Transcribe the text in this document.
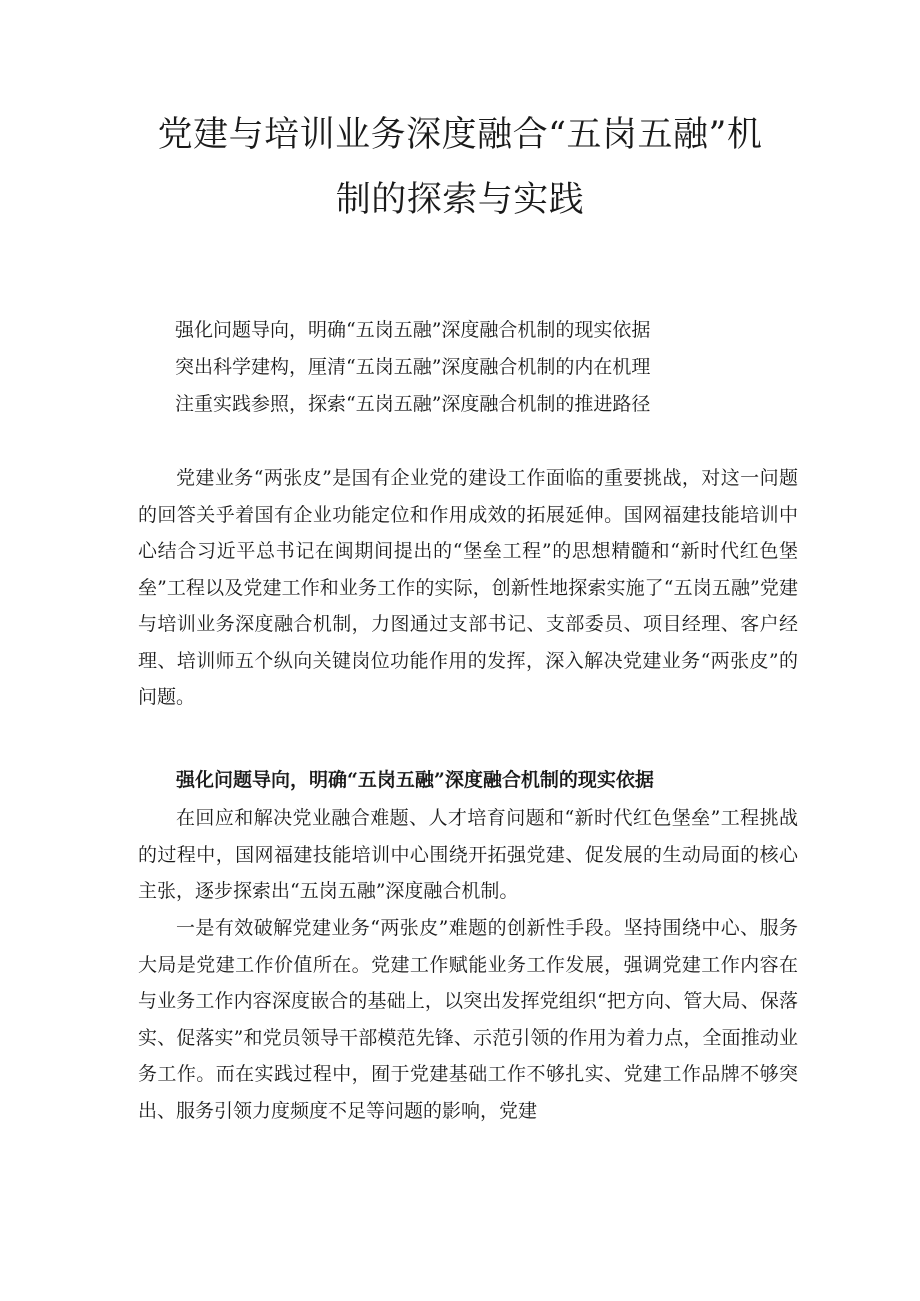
党建与培训业务深度融合“五岗五融”机
制的探索与实践
强化问题导向，明确“五岗五融”深度融合机制的现实依据
突出科学建构，厘清“五岗五融”深度融合机制的内在机理
注重实践参照，探索“五岗五融”深度融合机制的推进路径

党建业务“两张皮”是国有企业党的建设工作面临的重要挑战，对这一问题的回答关乎着国有企业功能定位和作用成效的拓展延伸。国网福建技能培训中心结合习近平总书记在闽期间提出的“堡垒工程”的思想精髓和“新时代红色堡垒”工程以及党建工作和业务工作的实际，创新性地探索实施了“五岗五融”党建与培训业务深度融合机制，力图通过支部书记、支部委员、项目经理、客户经理、培训师五个纵向关键岗位功能作用的发挥，深入解决党建业务“两张皮”的问题。

强化问题导向，明确“五岗五融”深度融合机制的现实依据

在回应和解决党业融合难题、人才培育问题和“新时代红色堡垒”工程挑战的过程中，国网福建技能培训中心围绕开拓强党建、促发展的生动局面的核心主张，逐步探索出“五岗五融”深度融合机制。

一是有效破解党建业务“两张皮”难题的创新性手段。坚持围绕中心、服务大局是党建工作价值所在。党建工作赋能业务工作发展，强调党建工作内容在与业务工作内容深度嵌合的基础上，以突出发挥党组织“把方向、管大局、保落实、促落实”和党员领导干部模范先锋、示范引领的作用为着力点，全面推动业务工作。而在实践过程中，囿于党建基础工作不够扎实、党建工作品牌不够突出、服务引领力度频度不足等问题的影响，党建
